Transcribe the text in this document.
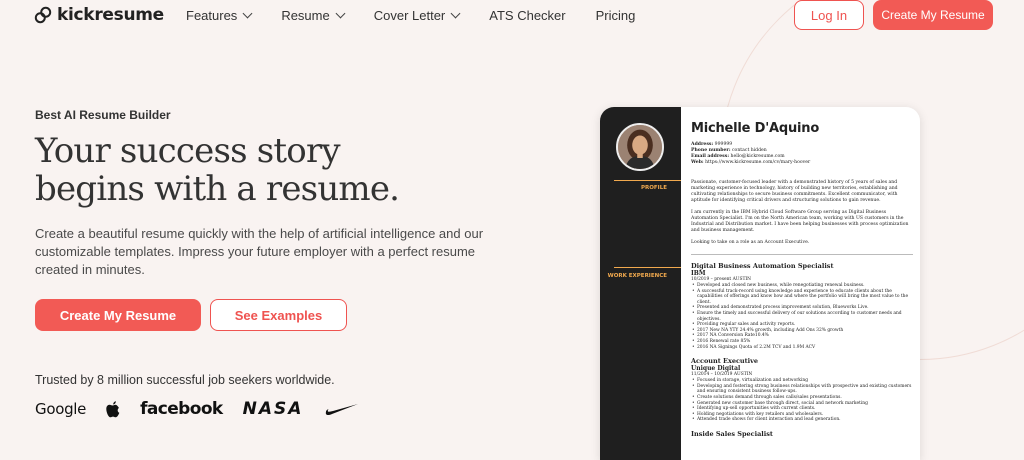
kickresume Features	Resume	Cover Letter	ATS Checker Pricing	Log In	Create My Resume
Best AI Resume Builder
Your success story
begins with a resume.
Create a beautiful resume quickly with the help of artificial intelligence and our customizable templates. Impress your future employer with a perfect resume created in minutes.
Create My Resume	See Examples
Trusted by 8 million successful job seekers worldwide.
Google	facebook NASA
PROFILE
WORK EXPERIENCE
Michelle D'Aquino
Address: 999999
Phone number: contact hidden
Email address: hello@kickresume.com
Web: https://www.kickresume.com/cv/mary-hoover
Passionate, customer-focused leader with a demonstrated history of 5 years of sales and marketing experience in technology, history of building new territories, establishing and cultivating relationships to secure business commitments. Excellent communicator, with aptitude for identifying critical drivers and structuring solutions to gain revenue.
I am currently in the IBM Hybrid Cloud Software Group serving as Digital Business Automation Specialist. I'm on the North American team, working with US customers in the Industrial and Distribution market. I have been helping businesses with process optimization and business management.
Looking to take on a role as an Account Executive.
Digital Business Automation Specialist
IBM
10/2019 – present AUSTIN
• Developed and closed new business, while renegotiating renewal business.
• A successful track-record using knowledge and experience to educate clients about the capabilities of offerings and know how and where the portfolio will bring the most value to the client.
• Presented and demonstrated process improvement solution, Blueworks Live.
• Ensure the timely and successful delivery of our solutions according to customer needs and objectives.
• Providing regular sales and activity reports.
• 2017 New NA YTY 24.4% growth, including Add Ons 32% growth
• 2017 NA Conversion Rate10.4%
• 2016 Renewal rate 85%
• 2016 NA Signings Quota of 2.2M TCV and 1.9M ACV
Account Executive
Unique Digital
11/2014 – 10/2019 AUSTIN
• Focused in storage, virtualization and networking
• Developing and fostering strong business relationships with prospective and existing customers and ensuring consistent business follow-ups.
• Create solutions demand through sales calls/sales presentations.
• Generated new customer base through direct, social and network marketing
• Identifying up-sell opportunities with current clients.
• Holding negotiations with key retailers and wholesalers.
• Attended trade shows for client interaction and lead generation.
Inside Sales Specialist
